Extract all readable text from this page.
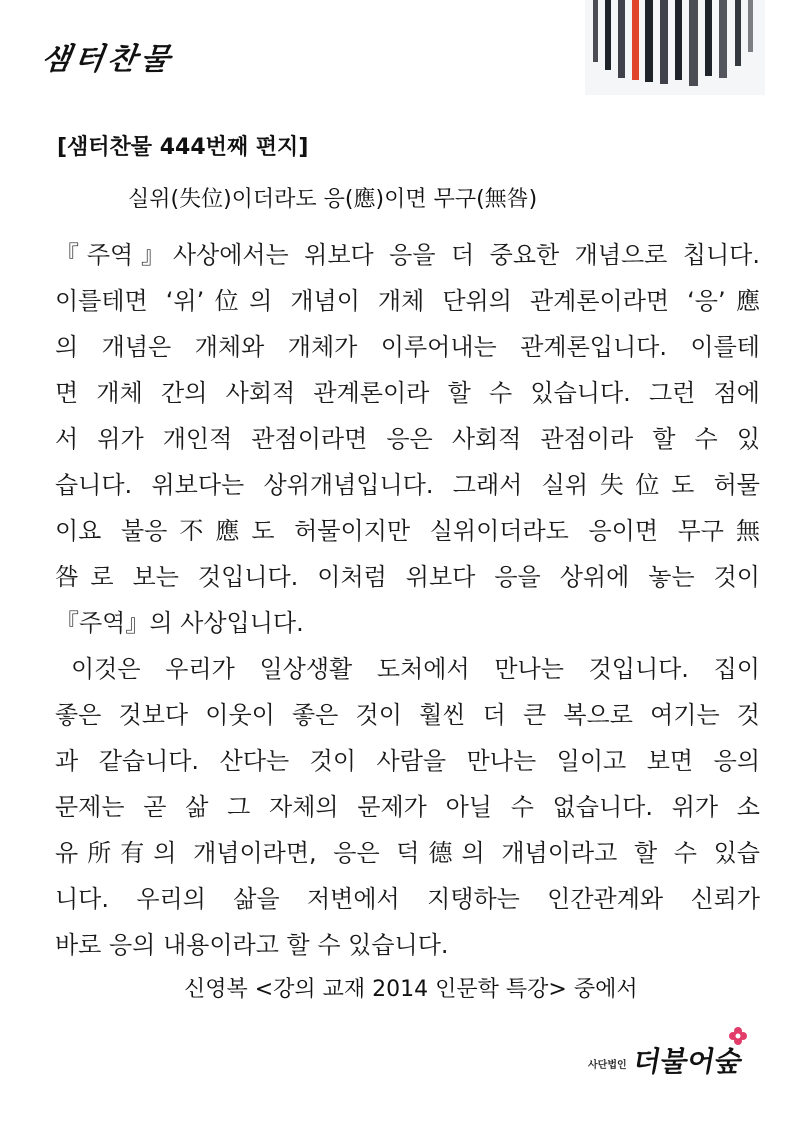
샘터찬물
[샘터찬물 444번째 편지]
실위(失位)이더라도 응(應)이면 무구(無咎)
『주역』사상에서는 위보다 응을 더 중요한 개념으로 칩니다.
이를테면 ‘위’位의 개념이 개체 단위의 관계론이라면 ‘응’應
의 개념은 개체와 개체가 이루어내는 관계론입니다. 이를테
면 개체 간의 사회적 관계론이라 할 수 있습니다. 그런 점에
서 위가 개인적 관점이라면 응은 사회적 관점이라 할 수 있
습니다. 위보다는 상위개념입니다. 그래서 실위失位도 허물
이요 불응不應도 허물이지만 실위이더라도 응이면 무구無
咎로 보는 것입니다. 이처럼 위보다 응을 상위에 놓는 것이
『주역』의 사상입니다.
이것은 우리가 일상생활 도처에서 만나는 것입니다. 집이
좋은 것보다 이웃이 좋은 것이 훨씬 더 큰 복으로 여기는 것
과 같습니다. 산다는 것이 사람을 만나는 일이고 보면 응의
문제는 곧 삶 그 자체의 문제가 아닐 수 없습니다. 위가 소
유所有의 개념이라면, 응은 덕德의 개념이라고 할 수 있습
니다. 우리의 삶을 저변에서 지탱하는 인간관계와 신뢰가
바로 응의 내용이라고 할 수 있습니다.
신영복 <강의 교재 2014 인문학 특강> 중에서
사단법인 더불어숲
